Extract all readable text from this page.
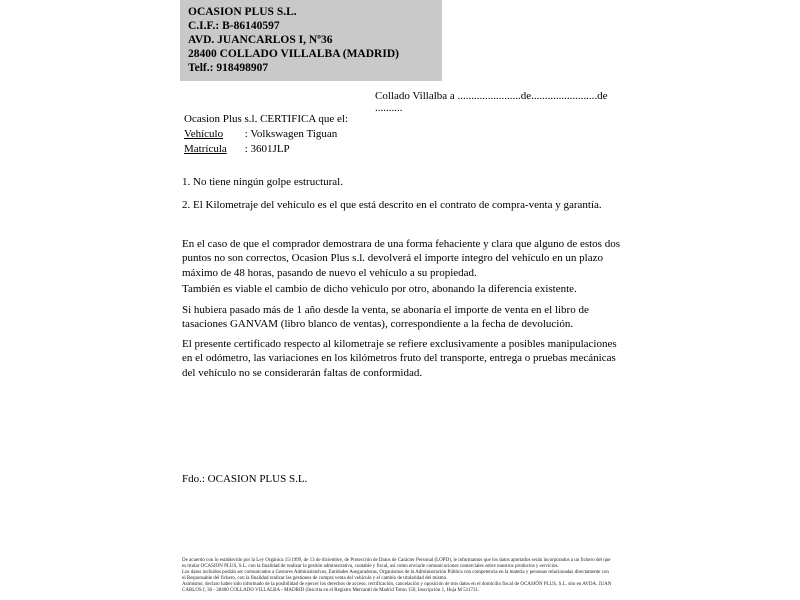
OCASION PLUS S.L.
C.I.F.: B-86140597
AVD. JUANCARLOS I, Nº36
28400 COLLADO VILLALBA (MADRID)
Telf.: 918498907
Collado Villalba a .......................de........................de ..........
Ocasion Plus s.l. CERTIFICA que el:
Vehículo : Volkswagen Tiguan
Matrícula : 3601JLP
1. No tiene ningún golpe estructural.
2. El Kilometraje del vehículo es el que está descrito en el contrato de compra-venta y garantía.
En el caso de que el comprador demostrara de una forma fehaciente y clara que alguno de estos dos puntos no son correctos, Ocasion Plus s.l. devolverá el importe íntegro del vehículo en un plazo máximo de 48 horas, pasando de nuevo el vehículo a su propiedad.
También es viable el cambio de dicho vehiculo por otro, abonando la diferencia existente.
Si hubiera pasado más de 1 año desde la venta, se abonaría el importe de venta en el libro de tasaciones GANVAM (libro blanco de ventas), correspondiente a la fecha de devolución.
El presente certificado respecto al kilometraje se refiere exclusivamente a posibles manipulaciones en el odómetro, las variaciones en los kilómetros fruto del transporte, entrega o pruebas mecánicas del vehículo no se considerarán faltas de conformidad.
Fdo.: OCASION PLUS S.L.
De acuerdo con lo establecido por la Ley Orgánica 15/1999, de 13 de diciembre, de Protección de Datos de Carácter Personal (LOPD), le informamos que los datos aportados serán incorporados a un fichero del que es titular OCASION PLUS, S.L. con la finalidad de realizar la gestión administrativa, contable y fiscal, así como enviarle comunicaciones comerciales sobre nuestros productos y servicios.
Los datos incluidos podrán ser comunicados a Gestores Administrativos, Entidades Aseguradoras, Organismos de la Administración Pública con competencia en la materia y personas relacionadas directamente con el Responsable del fichero, con la finalidad realizar las gestiones de compra venta del vehículo y el cambio de titularidad del mismo.
Asimismo, declaro haber sido informado de la posibilidad de ejercer los derechos de acceso, rectificación, cancelación y oposición de mis datos en el domicilio fiscal de OCASIÓN PLUS, S.L. sito en AVDA. JUAN CARLOS I, 36 - 28400 COLLADO VILLALBA - MADRID (Inscrita en el Registro Mercantil de Madrid Tomo 150, Inscripción 1, Hoja M 511731.
